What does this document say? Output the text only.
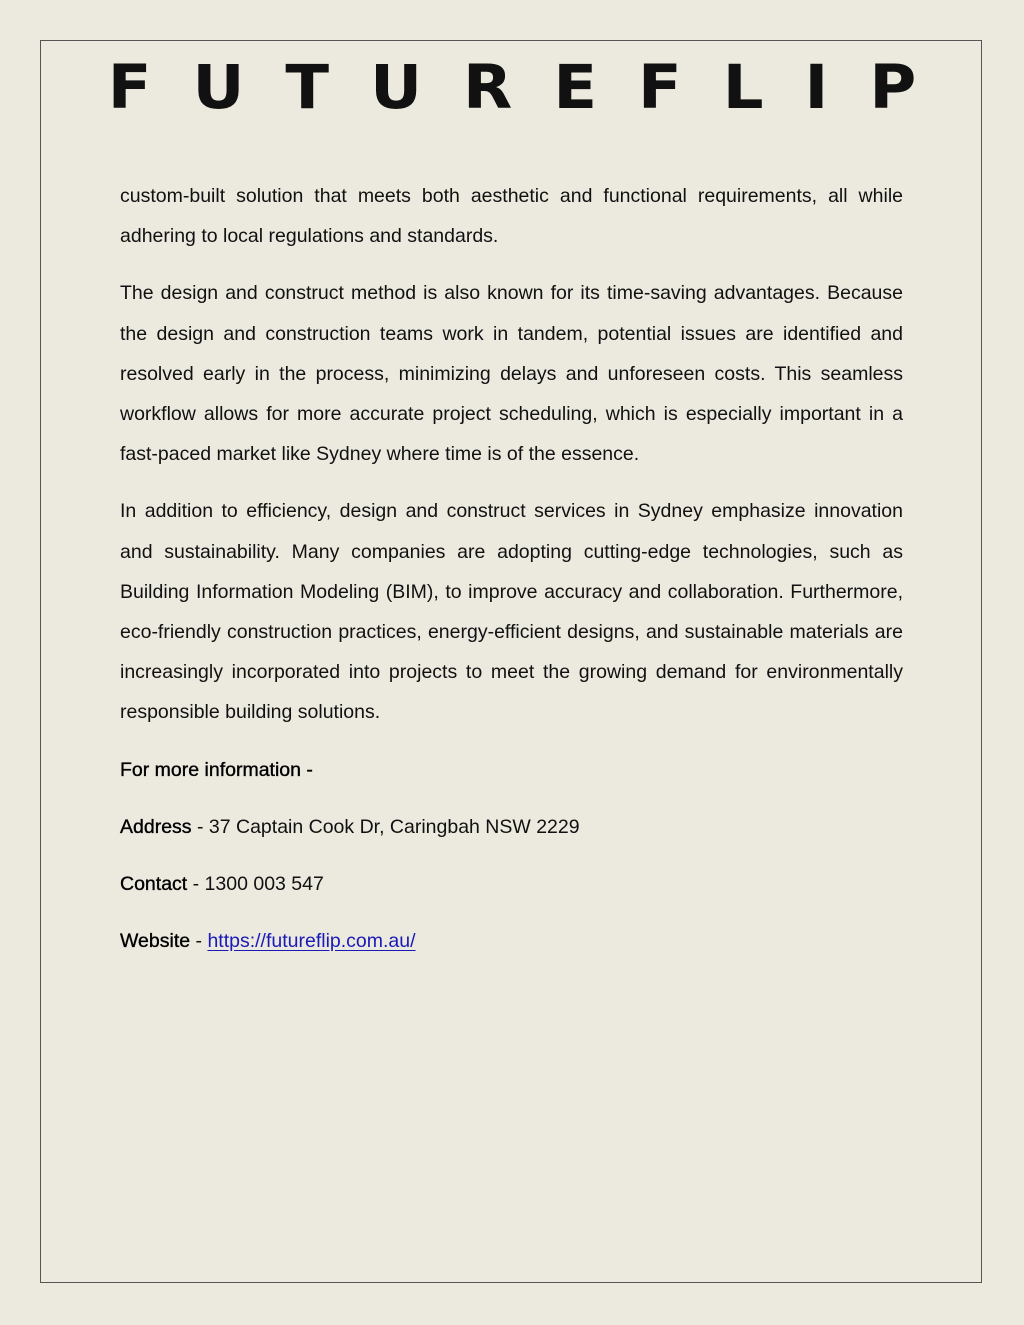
FUTUREFLIP

custom-built solution that meets both aesthetic and functional requirements, all while adhering to local regulations and standards.

The design and construct method is also known for its time-saving advantages. Because the design and construction teams work in tandem, potential issues are identified and resolved early in the process, minimizing delays and unforeseen costs. This seamless workflow allows for more accurate project scheduling, which is especially important in a fast-paced market like Sydney where time is of the essence.

In addition to efficiency, design and construct services in Sydney emphasize innovation and sustainability. Many companies are adopting cutting-edge technologies, such as Building Information Modeling (BIM), to improve accuracy and collaboration. Furthermore, eco-friendly construction practices, energy-efficient designs, and sustainable materials are increasingly incorporated into projects to meet the growing demand for environmentally responsible building solutions.

For more information -
Address - 37 Captain Cook Dr, Caringbah NSW 2229
Contact - 1300 003 547
Website - https://futureflip.com.au/
